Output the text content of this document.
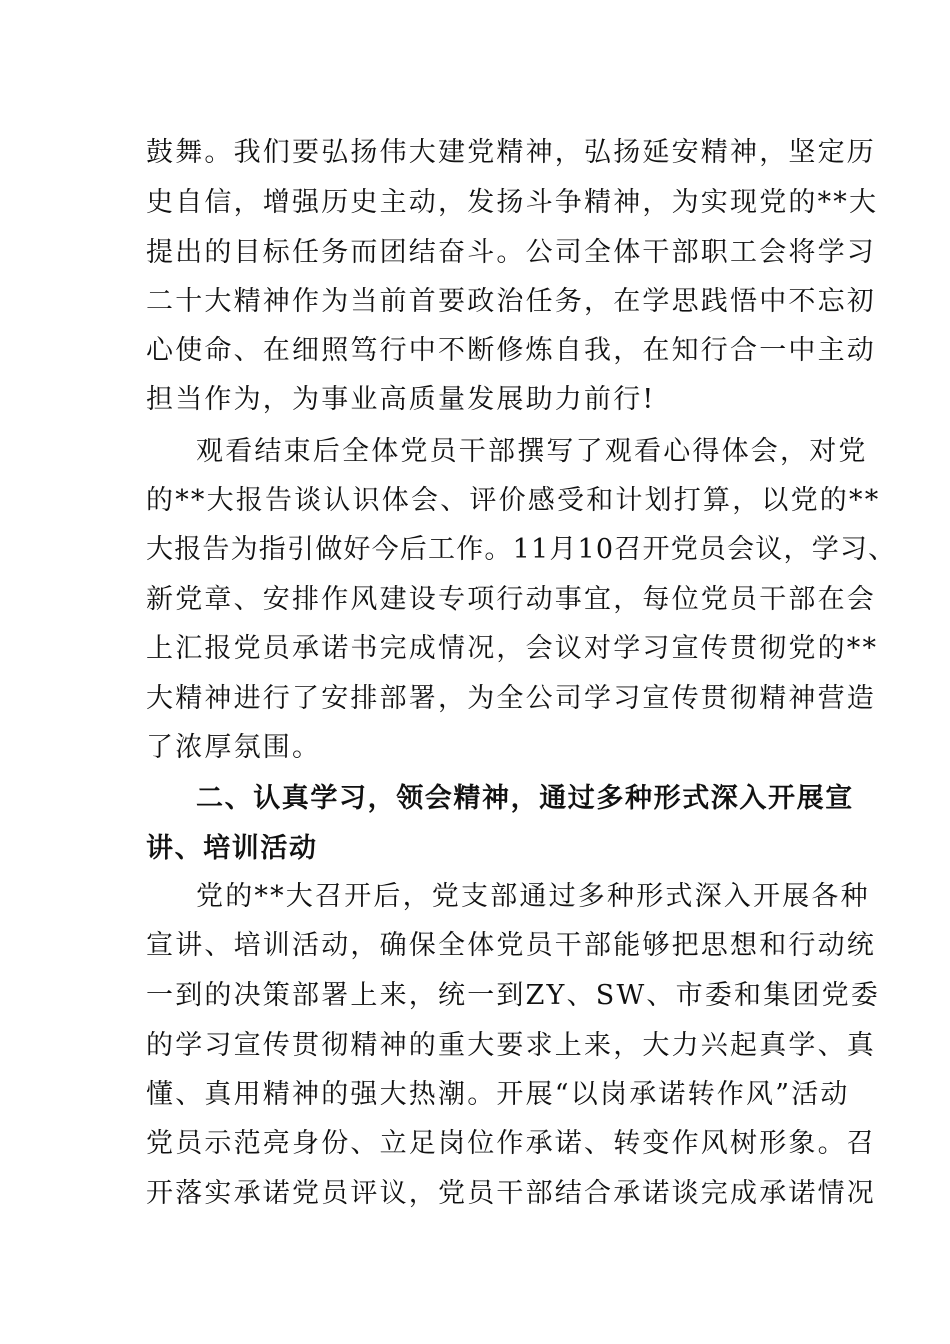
鼓舞。我们要弘扬伟大建党精神，弘扬延安精神，坚定历
史自信，增强历史主动，发扬斗争精神，为实现党的**大
提出的目标任务而团结奋斗。公司全体干部职工会将学习
二十大精神作为当前首要政治任务，在学思践悟中不忘初
心使命、在细照笃行中不断修炼自我，在知行合一中主动
担当作为，为事业高质量发展助力前行!
观看结束后全体党员干部撰写了观看心得体会，对党
的**大报告谈认识体会、评价感受和计划打算，以党的**
大报告为指引做好今后工作。11月10召开党员会议，学习、
新党章、安排作风建设专项行动事宜，每位党员干部在会
上汇报党员承诺书完成情况，会议对学习宣传贯彻党的**
大精神进行了安排部署，为全公司学习宣传贯彻精神营造
了浓厚氛围。
二、认真学习，领会精神，通过多种形式深入开展宣
讲、培训活动
党的**大召开后，党支部通过多种形式深入开展各种
宣讲、培训活动，确保全体党员干部能够把思想和行动统
一到的决策部署上来，统一到ZY、SW、市委和集团党委
的学习宣传贯彻精神的重大要求上来，大力兴起真学、真
懂、真用精神的强大热潮。开展“以岗承诺转作风”活动
党员示范亮身份、立足岗位作承诺、转变作风树形象。召
开落实承诺党员评议，党员干部结合承诺谈完成承诺情况
